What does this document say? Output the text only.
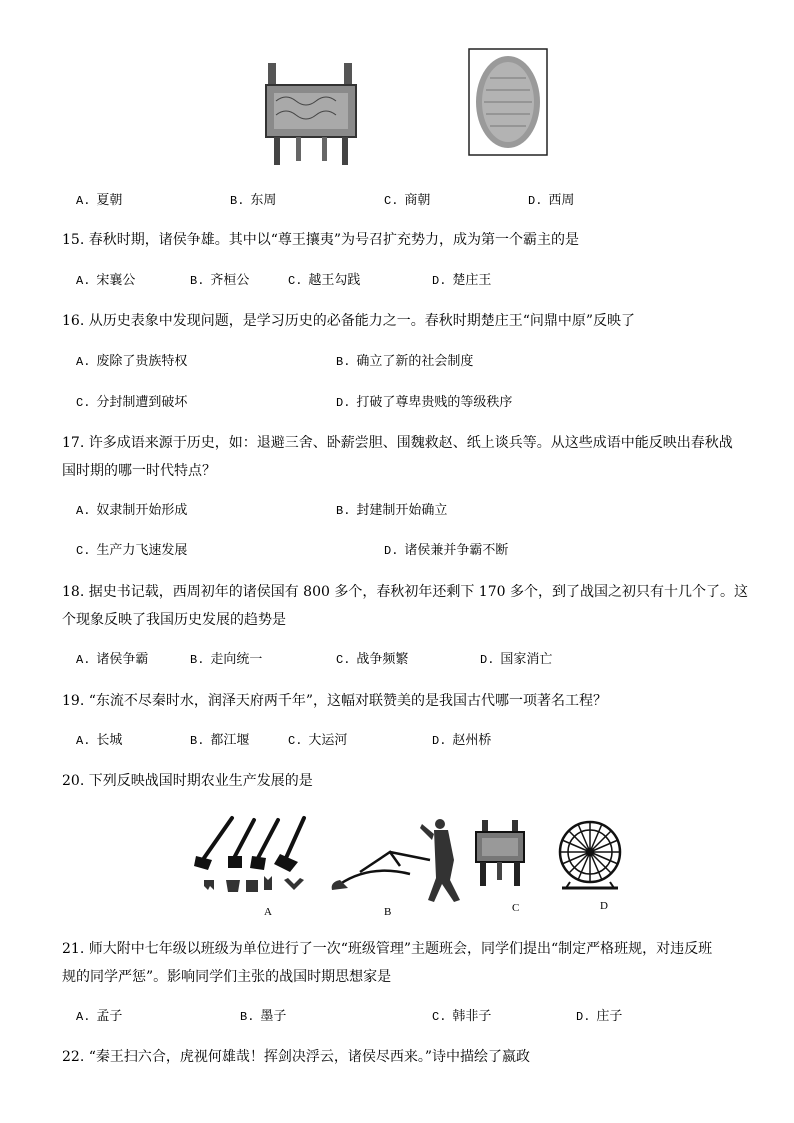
A. 夏朝	B. 东周	C. 商朝	D. 西周
15. 春秋时期，诸侯争雄。其中以“尊王攘夷”为号召扩充势力，成为第一个霸主的是
A. 宋襄公	B. 齐桓公	C. 越王勾践	D. 楚庄王
16. 从历史表象中发现问题，是学习历史的必备能力之一。春秋时期楚庄王“问鼎中原”反映了
A. 废除了贵族特权	B. 确立了新的社会制度
C. 分封制遭到破坏	D. 打破了尊卑贵贱的等级秩序
17. 许多成语来源于历史，如：退避三舍、卧薪尝胆、围魏救赵、纸上谈兵等。从这些成语中能反映出春秋战
国时期的哪一时代特点？
A. 奴隶制开始形成	B. 封建制开始确立
C. 生产力飞速发展	D. 诸侯兼并争霸不断
18. 据史书记载，西周初年的诸侯国有 800 多个，春秋初年还剩下 170 多个，到了战国之初只有十几个了。这
个现象反映了我国历史发展的趋势是
A. 诸侯争霸	B. 走向统一	C. 战争频繁	D. 国家消亡
19. “东流不尽秦时水，润泽天府两千年”，这幅对联赞美的是我国古代哪一项著名工程？
A. 长城	B. 都江堰	C. 大运河	D. 赵州桥
20. 下列反映战国时期农业生产发展的是
A	B	C	D
21. 师大附中七年级以班级为单位进行了一次“班级管理”主题班会，同学们提出“制定严格班规，对违反班
规的同学严惩”。影响同学们主张的战国时期思想家是
A. 孟子	B. 墨子	C. 韩非子	D. 庄子
22. “秦王扫六合，虎视何雄哉！挥剑决浮云，诸侯尽西来。”诗中描绘了嬴政
